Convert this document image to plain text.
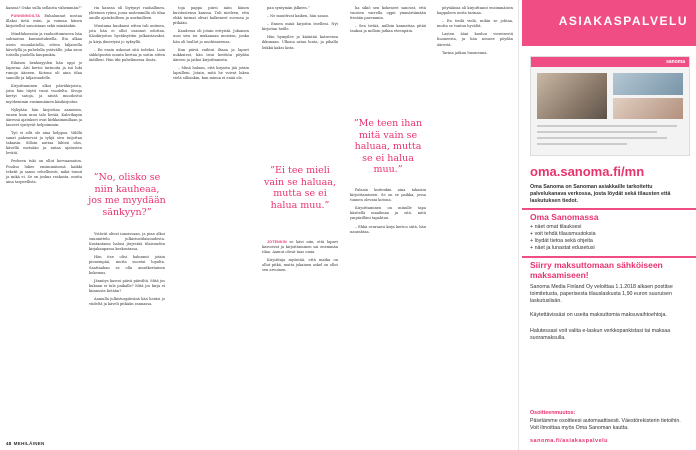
kanssa? Onko sulla sellaista vähemmän?”

PUNNINNOILTA Enhalunnut nostaa illaksi tietä esiin, ja voimaa hänen kirjoitellut sanoistaan sekä minäänkin.

Mindfulnessiin ja rauhoittumiseen hän suhtautuu kunnioituksella. Ilta alkaa usein ruoanlaitolla, sitten hiljaisella kävelyllä ja puhelulla ystävälle, joka asuu toisella puolella kaupunkia.

Eilaisen henkisyyden hän oppi jo lapsena. Äiti kertoi tarinoita ja isä luki runoja ääneen. Kotona oli aina tilaa sanoille ja hiljaisuudelle.

Kirjoittaminen alkoi päiväkirjoista, joita hän täytti vuosi vuodelta. Sivuja kertyi satoja, ja niistä muodostui myöhemmin ensimmäinen käsikirjoitus.

Nykyään hän kirjoittaa aamuisin, ennen kuin muu talo herää. Kahvikupin ääressä ajatukset ovat kirkkaimmillaan ja lauseet syntyvät helpoimmin.

Työ ei silti ole aina helppoa. Välillä sanat pakenevat ja tyhjä sivu tuijottaa takaisin. Silloin auttaa lähteä ulos, kävellä metsään ja antaa ajatusten levätä.

Perheen tuki on ollut korvaamaton. Puoliso lukee ensimmäisenä kaikki tekstit ja sanoo rehellisesti, mikä toimii ja mikä ei. Se on joskus raskasta, mutta aina tarpeellista.

rin kanssa oli löytynyt rauhallinen, yhteinen rytmi, jossa molemmilla oli tilaa omille ajatuksilleen ja unelmilleen.

Muutama kuukausi sitten tuli uutinen, jota hän ei ollut osannut odottaa. Käsikirjoitus hyväksyttiin julkaistavaksi, ja kirja ilmestyisi jo syksyllä.

– En ensin uskonut sitä todeksi. Luin sähköpostin monta kertaa ja soitin sitten äidilleni. Hän itki puhelimessa ilosta.

”No, oliskо se niin kauheaa, jos me myydään sänkyyn?”

Ystävät olivat innoissaan, ja pian alkoi suunnittelu julkistustilaisuudesta. Kustantamo halusi järjestää tilaisuuden kirjakaupassa keskustassa.

Hän itse olisi halunnut jotain pienempää, mutta suostui lopulta. Saattaahan se olla ainutkertainen kokemus.

Jännitys kasvoi päivä päivältä. Mitä jos kukaan ei tule paikalle? Mitä jos kirja ei kiinnosta ketään?

Aamulla julkistuspäivänä hän heräsi jo viideltä ja käveli pitkään rannassa.

toja pappa piirsi näin hänen kuvitustensa kanssa. Tuli mieleen, että ehkä tarinat olivat kulkeneet suvussa jo pitkään.

Kaudessa oli jotain erityistä. Jokainen uusi sivu toi mukanaan muiston, jonka hän oli luullut jo unohtaneensa.

Kun päivä vaihtui iltaan ja lapset nukkuivat, hän istui keittiön pöydän ääreen ja jatkoi kirjoittamista.

– Minä haluan, että kirjasta jää jotain lapsilleni. Jotain, mitä he voivat lukea vielä silloinkin, kun minua ei enää ole.

pan syntymän jälkeen.”

– Ne muuttivat kaiken, hän sanoo.

– Ennen minä kirjoitin itselleni. Nyt kirjoitan heille.

Hän hymyilee ja kääntää katseensa ikkunaan. Ulkona sataa lunta, ja pihalla leikkii kaksi lasta.

JOTENKIN se kävi niin, että lapset kasvoivat ja kirjoittaminen sai enemmän tilaa. Aamut olivat taas omia.

Kirjoittaja myöntää, että matka on ollut pitkä, mutta jokainen askel on ollut sen arvoinen.

ha sikiö sen kokeneet sanovat, että vuosien varrella oppii ymmärtämään itseään paremmin.

– Sen tietää, milloin kannattaa pitää taukoa ja milloin jatkaa eteenpäin.

”Me teen ihan mitä vain se haluaa, mutta se ei halua muu.”

Palasin kuitenkin aina takaisin kirjoittamiseen. Se on se paikka, jossa tunnen olevani kotona.

Kirjoittaminen on minulle tapa käsitellä maailmaa ja sitä, mitä ympärilläni tapahtuu.

– Ehkä seuraava kirja kertoo siitä, hän naurahtaa.

pöytäänsa oli kirjoittanut ensimmäisen kappaleen uutta tarinaa.

– En tiedä vielä, mihin se johtaa, mutta se tuntuu hyvältä.

Lasten ääni kuuluu viereisestä huoneesta, ja hän nousee pöydän äärestä.

Tarina jatkuu huomenna.

48 MEHILÄINEN
”Ei tee mieli vain se haluaa, mutta se ei halua muu.”
ASIAKASPALVELU
sanoma
oma.sanoma.fi/mn
Oma Sanoma on Sanoman asiakkaille tarkoitettu palvelukanava verkossa, josta löydät sekä tilausten että laskutuksen tiedot.
Oma Sanomassa
+ näet omat tilauksesi
+ voit tehdä tilausmuutoksia
+ löydät tietoa sekä ohjeita
+ näet ja lunastat edusetusi
Siirry maksuttomaan sähköiseen maksamiseen!
Sanoma Media Finland Oy veloittaa 1.1.2018 alkaen postitse toimitetusta, paperisesta tilauslaskusta 1,90 euron suuruisen laskutuslisän.
Käytettävissäsi on useita maksuttomia maksuvaihtoehtoja.
Halutessasi voit valita e-laskun verkkopankistasi tai maksaa suoramaksulla.
Osoitteenmuutos:
Päivitämme osoitteesi automaattisesti. Väestörekisterin tietoihin. Voit ilmoittaa myös Oma Sanoman kautta.
sanoma.fi/asiakaspalvelu
